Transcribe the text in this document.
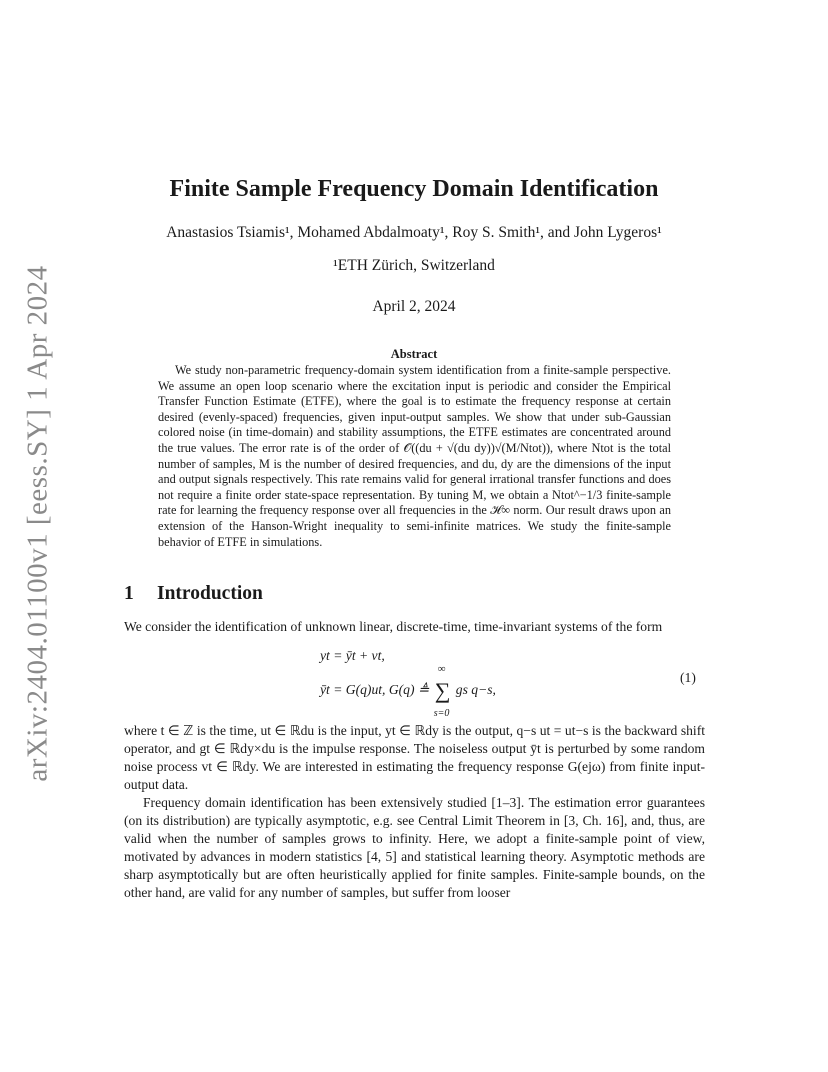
arXiv:2404.01100v1 [eess.SY] 1 Apr 2024
Finite Sample Frequency Domain Identification
Anastasios Tsiamis¹, Mohamed Abdalmoaty¹, Roy S. Smith¹, and John Lygeros¹
¹ETH Zürich, Switzerland
April 2, 2024
Abstract

We study non-parametric frequency-domain system identification from a finite-sample perspective. We assume an open loop scenario where the excitation input is periodic and consider the Empirical Transfer Function Estimate (ETFE), where the goal is to estimate the frequency response at certain desired (evenly-spaced) frequencies, given input-output samples. We show that under sub-Gaussian colored noise (in time-domain) and stability assumptions, the ETFE estimates are concentrated around the true values. The error rate is of the order of 𝒪((du + √(du dy))√(M/Ntot)), where Ntot is the total number of samples, M is the number of desired frequencies, and du, dy are the dimensions of the input and output signals respectively. This rate remains valid for general irrational transfer functions and does not require a finite order state-space representation. By tuning M, we obtain a Ntot^−1/3 finite-sample rate for learning the frequency response over all frequencies in the ℋ∞ norm. Our result draws upon an extension of the Hanson-Wright inequality to semi-infinite matrices. We study the finite-sample behavior of ETFE in simulations.

1 Introduction

We consider the identification of unknown linear, discrete-time, time-invariant systems of the form

yt = ȳt + vt,
ȳt = G(q)ut, G(q) ≜ ∑
∞
s=0
gs q−s,
(1)

where t ∈ ℤ is the time, ut ∈ ℝdu is the input, yt ∈ ℝdy is the output, q−s ut = ut−s is the backward shift operator, and gt ∈ ℝdy×du is the impulse response. The noiseless output ȳt is perturbed by some random noise process vt ∈ ℝdy. We are interested in estimating the frequency response G(ejω) from finite input-output data.

Frequency domain identification has been extensively studied [1–3]. The estimation error guarantees (on its distribution) are typically asymptotic, e.g. see Central Limit Theorem in [3, Ch. 16], and, thus, are valid when the number of samples grows to infinity. Here, we adopt a finite-sample point of view, motivated by advances in modern statistics [4, 5] and statistical learning theory. Asymptotic methods are sharp asymptotically but are often heuristically applied for finite samples. Finite-sample bounds, on the other hand, are valid for any number of samples, but suffer from looser
